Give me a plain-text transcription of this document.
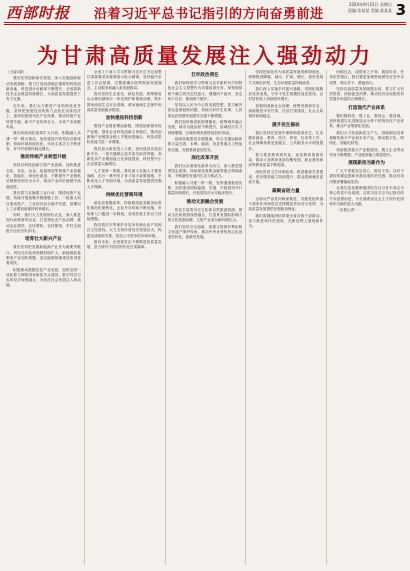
西部时报 沿着习近平总书记指引的方向奋勇前进
2024年9月15日 星期日
责编:张某某 美编:某某某 3
为甘肃高质量发展注入强劲动力

（上接1版）

我们坚持创新驱动发展，深入实施创新驱动发展战略，着力打造西部地区重要的科技创新高地，科技进步贡献率不断提升，全省高新技术企业数量持续增长，为高质量发展提供了有力支撑。

近年来，我们大力推进产业结构优化升级，坚持把发展经济的着力点放在实体经济上，加快构建现代化产业体系，推动传统产业转型升级、新兴产业培育壮大、未来产业前瞻布局。

我们持续深化改革扩大开放，积极融入共建一带一路大格局，加快建设开放型经济新体制，营商环境持续优化，市场主体活力不断迸发，对外贸易保持稳定增长。

推动传统产业转型升级

坚持以科技创新引领产业创新，加快推进石化、有色、冶金、装备制造等传统产业高端化、智能化、绿色化改造，不断提升产业链供应链韧性和安全水平，推动产业向价值链中高端迈进。

我们着力实施强工业行动，围绕优势产业链，持续开展延链补链强链工作，一批重大项目建成投产，工业经济运行稳中有进，规模以上工业增加值保持较快增长。

同时，我们大力发展现代农业，深入推进现代丝路寒旱农业，打造特色农产品品牌，推动农业增效、农民增收、农村繁荣，乡村全面振兴迈出坚实步伐。

培育壮大新兴产业

我们坚持把发展新能源产业作为重要突破口，风电光伏装机规模持续扩大，新能源装备制造产业加快集聚，清洁能源基地建设取得显著成效。

积极推动数据信息产业发展，加快全国一体化算力网络国家枢纽节点建设，数字经济与实体经济深度融合，为经济社会发展注入新动能。

全省上下深入学习贯彻习近平总书记视察甘肃重要讲话重要指示批示精神，坚持稳中求进工作总基调，完整准确全面贯彻新发展理念，主动服务和融入新发展格局。

我们坚持生态优先、绿色发展，统筹推进山水林田湖草沙一体化保护和系统治理，筑牢国家西部生态安全屏障，黄河流域生态保护和高质量发展稳步推进。

加快推进科技创新

围绕产业链部署创新链，围绕创新链布局产业链，强化企业科技创新主体地位，推动创新链产业链资金链人才链深度融合，科技成果转化能力进一步增强。

我们加大研发投入力度，加快建设各类创新平台，一批关键核心技术攻关取得突破，高新技术产业增加值占比持续提高，科技型中小企业数量大幅增长。

人才是第一资源。我们深入实施人才强省战略，出台一系列引才育才用才政策措施，不断优化人才发展环境，为高质量发展提供坚强人才保障。

持续优化营商环境

深化放管服改革，持续推进政务服务标准化规范化便利化，企业开办时间不断压缩，市场准入门槛进一步降低，各类经营主体活力持续增强。

我们依法平等保护各类所有制企业产权和自主经营权，大力支持民营经济发展壮大，构建亲清政商关系，营造公平竞争的市场环境。

面向未来，全省将坚定不移推进高质量发展，奋力谱写中国式现代化甘肃篇章。

扛牢政治责任

我们始终把学习贯彻习近平新时代中国特色社会主义思想作为首要政治任务，深刻领悟两个确立的决定性意义，增强四个意识、坚定四个自信、做到两个维护。

坚持以人民为中心的发展思想，着力解决群众急难愁盼问题，持续办好民生实事，人民群众获得感幸福感安全感不断增强。

我们加快推进新型城镇化，统筹城乡融合发展，城市功能品质不断提升，县域经济实力持续增强，区域协调发展格局加快形成。

基础设施建设全面提速，综合交通运输体系日益完善，水利、能源、信息等重大工程加快实施，发展基础更加坚实。

深化改革开放

我们以全面深化改革为动力，深入推进国资国企改革，持续深化财税金融等重点领域改革，不断激发发展内生动力和活力。

积极融入共建一带一路，发挥通道枢纽优势，加快建设国际陆港、空港，中欧班列开行数量持续增长，开放型经济水平稳步提升。

推动文旅融合发展

依托丰富的历史文化和自然旅游资源，推动文化和旅游深度融合，打造具有国际影响力的文化旅游品牌，文旅产业成为新的增长点。

我们坚持守正创新，加强文物保护利用和文化遗产保护传承，推动中华优秀传统文化创造性转化、创新性发展。

坚持把绿色作为高质量发展的鲜明底色，统筹推进降碳、减污、扩绿、增长，加快发展方式绿色转型，生态环境质量持续改善。

我们深入实施乡村振兴战略，巩固拓展脱贫攻坚成果，守牢不发生规模性返贫底线，农村居民收入持续较快增长。

加强和创新社会治理，统筹发展和安全，持续推进平安甘肃、法治甘肃建设，社会大局保持和谐稳定。

提升民生福祉

我们坚持在发展中保障和改善民生，扎实做好就业、教育、医疗、养老、住房等工作，社会保障体系更加健全，公共服务水平明显提升。

着力推进教育现代化，优化教育资源布局，推动义务教育优质均衡发展，职业教育和高等教育质量不断提高。

深化医药卫生体制改革，推进健康甘肃建设，医疗服务能力持续提升，群众看病就医更加方便。

凝聚奋进力量

全面从严治党向纵深推进，各级党组织战斗堡垒作用和党员先锋模范作用充分发挥，为高质量发展提供坚强政治保证。

我们将继续团结带领全省各族干部群众，奋力推进现代化建设，在新征程上展现新作为。

回顾过去，成绩来之不易；展望未来，任务依然艰巨。我们要更加紧密地团结在党中央周围，埋头苦干、勇毅前行。

坚持以高质量发展统揽全局，着力扩大有效投资，持续促进消费，推动经济实现质的有效提升和量的合理增长。

打造现代产业体系

紧扣强科技、强工业、强省会、强县域，加快构建以先进制造业为骨干的现代化产业体系，推动产业集群化发展。

我们大力发展新质生产力，因地制宜培育战略性新兴产业和未来产业，推动数字化、网络化、智能化转型。

持续推进重点产业链建设，链主企业带动作用不断增强，产业配套能力明显提升。

展现新担当新作为

广大干部要坚定信心、鼓足干劲，以时不我待的紧迫感和舍我其谁的责任感，推动各项决策部署落地见效。

让我们更加紧密地团结在以习近平同志为核心的党中央周围，沿着习近平总书记指引的方向奋勇前进，为全面建设社会主义现代化国家作出新的更大贡献。

（本报记者）
